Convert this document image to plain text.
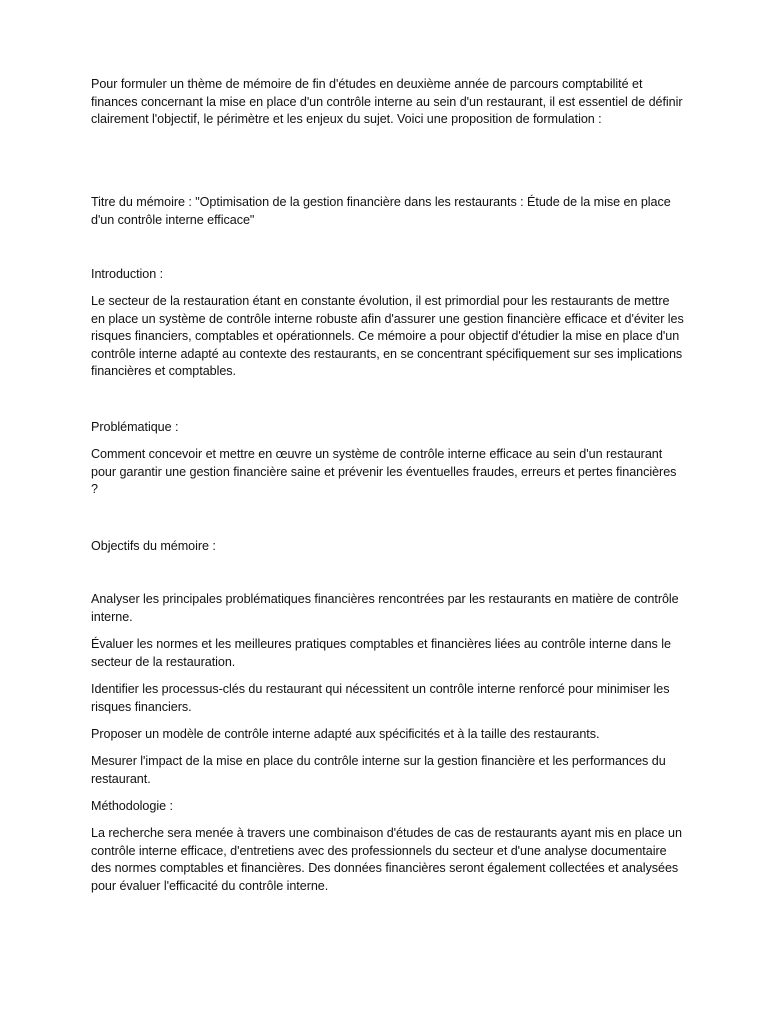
Pour formuler un thème de mémoire de fin d'études en deuxième année de parcours comptabilité et finances concernant la mise en place d'un contrôle interne au sein d'un restaurant, il est essentiel de définir clairement l'objectif, le périmètre et les enjeux du sujet. Voici une proposition de formulation :

Titre du mémoire : "Optimisation de la gestion financière dans les restaurants : Étude de la mise en place d'un contrôle interne efficace"

Introduction :

Le secteur de la restauration étant en constante évolution, il est primordial pour les restaurants de mettre en place un système de contrôle interne robuste afin d'assurer une gestion financière efficace et d'éviter les risques financiers, comptables et opérationnels. Ce mémoire a pour objectif d'étudier la mise en place d'un contrôle interne adapté au contexte des restaurants, en se concentrant spécifiquement sur ses implications financières et comptables.

Problématique :

Comment concevoir et mettre en œuvre un système de contrôle interne efficace au sein d'un restaurant pour garantir une gestion financière saine et prévenir les éventuelles fraudes, erreurs et pertes financières ?

Objectifs du mémoire :

Analyser les principales problématiques financières rencontrées par les restaurants en matière de contrôle interne.

Évaluer les normes et les meilleures pratiques comptables et financières liées au contrôle interne dans le secteur de la restauration.

Identifier les processus-clés du restaurant qui nécessitent un contrôle interne renforcé pour minimiser les risques financiers.

Proposer un modèle de contrôle interne adapté aux spécificités et à la taille des restaurants.

Mesurer l'impact de la mise en place du contrôle interne sur la gestion financière et les performances du restaurant.

Méthodologie :

La recherche sera menée à travers une combinaison d'études de cas de restaurants ayant mis en place un contrôle interne efficace, d'entretiens avec des professionnels du secteur et d'une analyse documentaire des normes comptables et financières. Des données financières seront également collectées et analysées pour évaluer l'efficacité du contrôle interne.
